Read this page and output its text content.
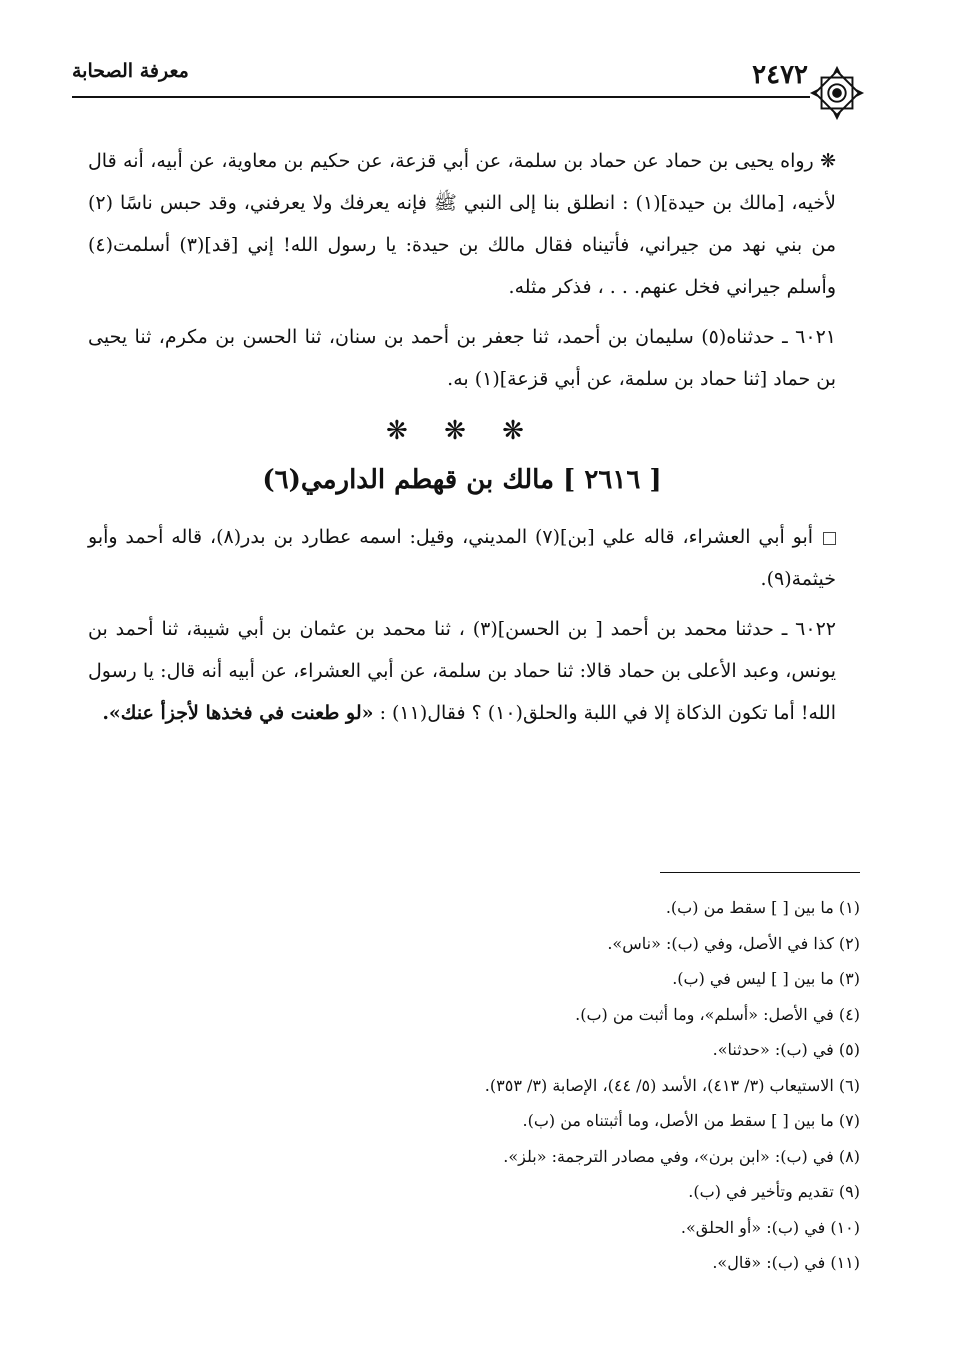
معرفة الصحابة	٢٤٧٢

❋ رواه يحيى بن حماد عن حماد بن سلمة، عن أبي قزعة، عن حكيم بن معاوية، عن أبيه، أنه قال لأخيه، [مالك بن حيدة](١) : انطلق بنا إلى النبي ﷺ فإنه يعرفك ولا يعرفني، وقد حبس ناسًا (٢) من بني نهد من جيراني، فأتيناه فقال مالك بن حيدة: يا رسول الله! إني [قد](٣) أسلمت(٤) وأسلم جيراني فخل عنهم. . . ، فذكر مثله.

٦٠٢١ ـ حدثناه(٥) سليمان بن أحمد، ثنا جعفر بن أحمد بن سنان، ثنا الحسن بن مكرم، ثنا يحيى بن حماد [ثنا حماد بن سلمة، عن أبي قزعة](١) به.

❋ ❋ ❋
[ ٢٦١٦ ] مالك بن قهطم الدارمي(٦)

أبو أبي العشراء، قاله علي [بن](٧) المديني، وقيل: اسمه عطارد بن بدر(٨)، قاله أحمد وأبو خيثمة(٩).

٦٠٢٢ ـ حدثنا محمد بن أحمد [ بن الحسن](٣) ، ثنا محمد بن عثمان بن أبي شيبة، ثنا أحمد بن يونس، وعبد الأعلى بن حماد قالا: ثنا حماد بن سلمة، عن أبي العشراء، عن أبيه أنه قال: يا رسول الله! أما تكون الذكاة إلا في اللبة والحلق(١٠) ؟ فقال(١١) : «لو طعنت في فخذها لأجزأ عنك».

(١) ما بين [ ] سقط من (ب).
(٢) كذا في الأصل، وفي (ب): «ناس».
(٣) ما بين [ ] ليس في (ب).
(٤) في الأصل: «أسلم»، وما أثبت من (ب).
(٥) في (ب): «حدثنا».
(٦) الاستيعاب (٣/ ٤١٣)، الأسد (٥/ ٤٤)، الإصابة (٣/ ٣٥٣).
(٧) ما بين [ ] سقط من الأصل، وما أثبتناه من (ب).
(٨) في (ب): «ابن برن»، وفي مصادر الترجمة: «بلز».
(٩) تقديم وتأخير في (ب).
(١٠) في (ب): «أو الحلق».
(١١) في (ب): «قال».
